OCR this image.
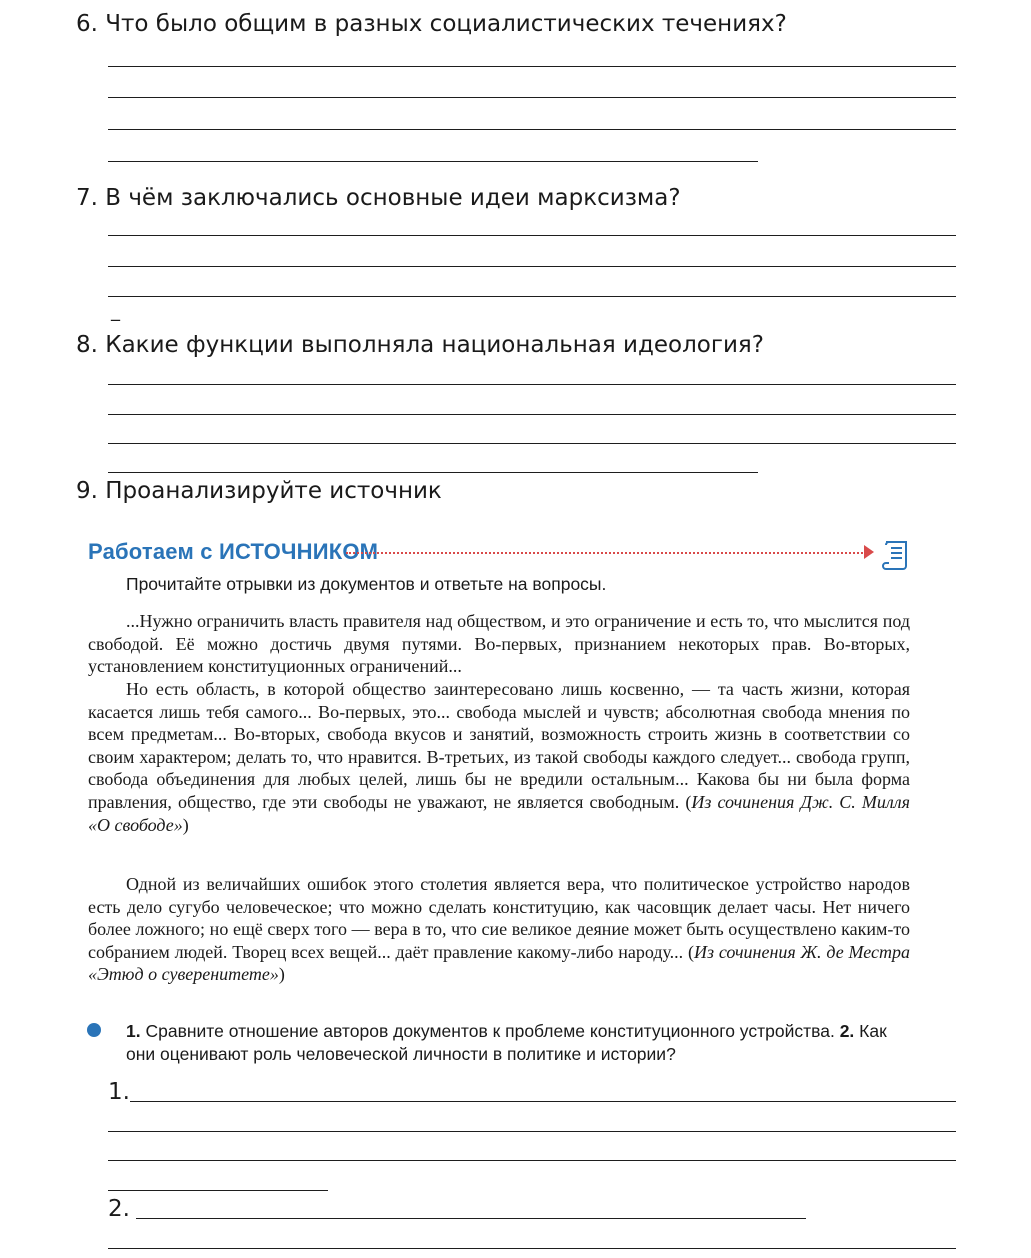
6. Что было общим в разных социалистических течениях?
7. В чём заключались основные идеи марксизма?
_
8. Какие функции выполняла национальная идеология?
9. Проанализируйте источник
Работаем с ИСТОЧНИКОМ
Прочитайте отрывки из документов и ответьте на вопросы.

...Нужно ограничить власть правителя над обществом, и это ограничение и есть то, что мыслится под свободой. Её можно достичь двумя путями. Во-первых, признанием некоторых прав. Во-вторых, установлением конституционных ограничений...

Но есть область, в которой общество заинтересовано лишь косвенно, — та часть жизни, которая касается лишь тебя самого... Во-первых, это... свобода мыслей и чувств; абсолютная свобода мнения по всем предметам... Во-вторых, свобода вкусов и занятий, возможность строить жизнь в соответствии со своим характером; делать то, что нравится. В-третьих, из такой свободы каждого следует... свобода групп, свобода объединения для любых целей, лишь бы не вредили остальным... Какова бы ни была форма правления, общество, где эти свободы не уважают, не является свободным. (Из сочинения Дж. С. Милля «О свободе»)

Одной из величайших ошибок этого столетия является вера, что политическое устройство народов есть дело сугубо человеческое; что можно сделать конституцию, как часовщик делает часы. Нет ничего более ложного; но ещё сверх того — вера в то, что сие великое деяние может быть осуществлено каким-то собранием людей. Творец всех вещей... даёт правление какому-либо народу... (Из сочинения Ж. де Местра «Этюд о суверенитете»)

1. Сравните отношение авторов документов к проблеме конституционного устройства. 2. Как они оценивают роль человеческой личности в политике и истории?

1.
2.
